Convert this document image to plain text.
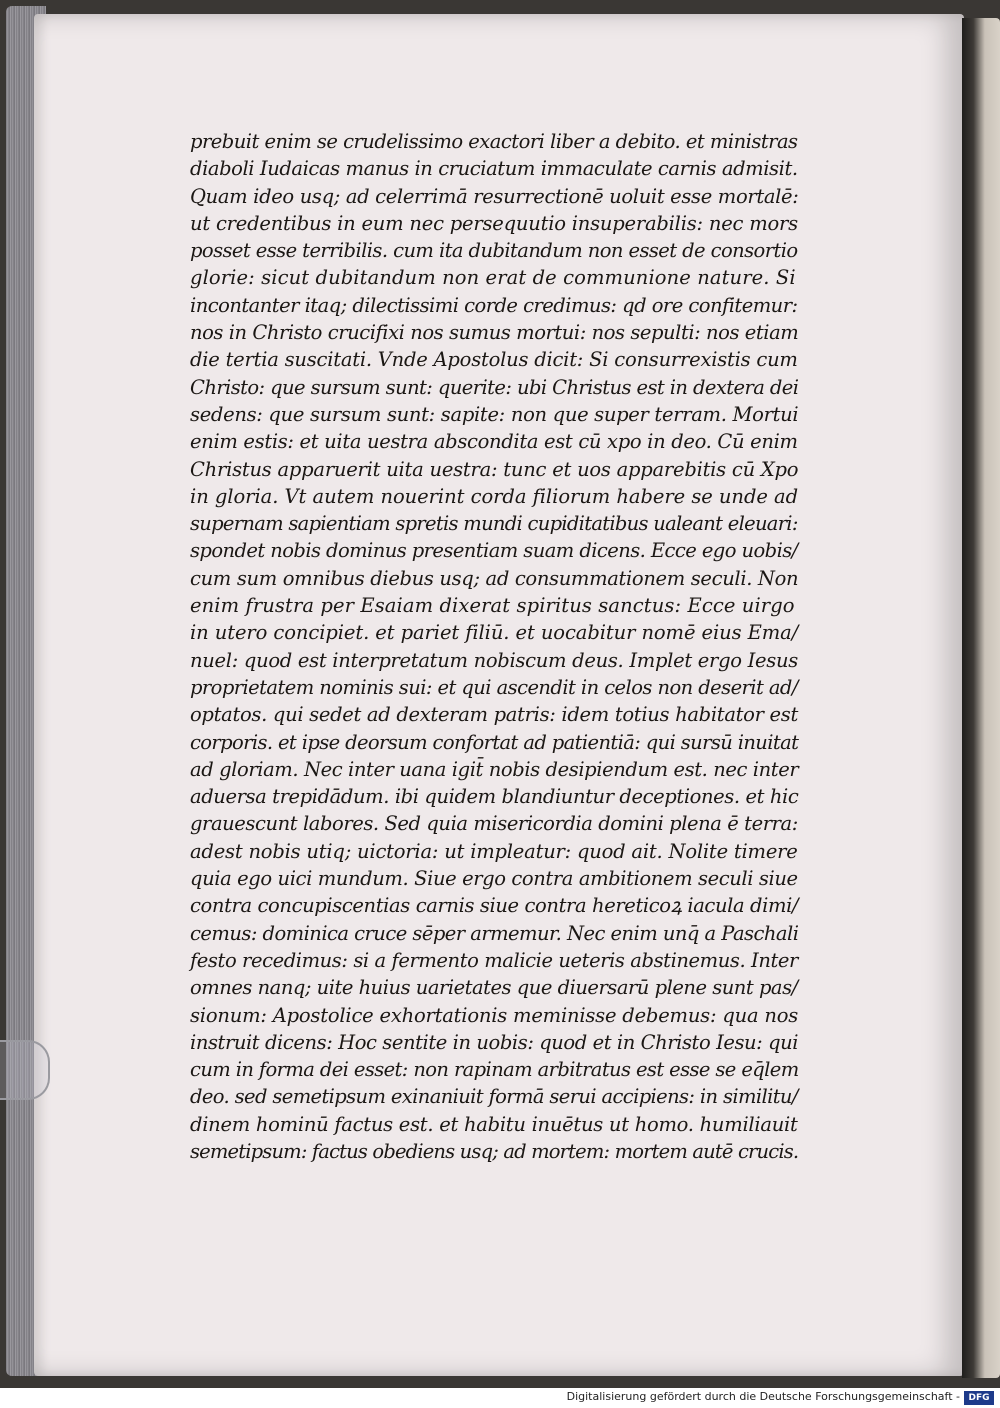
prebuit enim se crudelissimo exactori liber a debito. et ministras
diaboli Iudaicas manus in cruciatum immaculate carnis admisit.
Quam ideo usq; ad celerrimā resurrectionē uoluit esse mortalē:
ut credentibus in eum nec persequutio insuperabilis: nec mors
posset esse terribilis. cum ita dubitandum non esset de consortio
glorie: sicut dubitandum non erat de communione nature. Si
incontanter itaq; dilectissimi corde credimus: qd ore confitemur:
nos in Christo crucifixi nos sumus mortui: nos sepulti: nos etiam
die tertia suscitati. Vnde Apostolus dicit: Si consurrexistis cum
Christo: que sursum sunt: querite: ubi Christus est in dextera dei
sedens: que sursum sunt: sapite: non que super terram. Mortui
enim estis: et uita uestra abscondita est cū xpo in deo. Cū enim
Christus apparuerit uita uestra: tunc et uos apparebitis cū Xpo
in gloria. Vt autem nouerint corda filiorum habere se unde ad
supernam sapientiam spretis mundi cupiditatibus ualeant eleuari:
spondet nobis dominus presentiam suam dicens. Ecce ego uobis/
cum sum omnibus diebus usq; ad consummationem seculi. Non
enim frustra per Esaiam dixerat spiritus sanctus: Ecce uirgo
in utero concipiet. et pariet filiū. et uocabitur nomē eius Ema/
nuel: quod est interpretatum nobiscum deus. Implet ergo Iesus
proprietatem nominis sui: et qui ascendit in celos non deserit ad/
optatos. qui sedet ad dexteram patris: idem totius habitator est
corporis. et ipse deorsum confortat ad patientiā: qui sursū inuitat
ad gloriam. Nec inter uana igit̄ nobis desipiendum est. nec inter
aduersa trepidādum. ibi quidem blandiuntur deceptiones. et hic
grauescunt labores. Sed quia misericordia domini plena ē terra:
adest nobis utiq; uictoria: ut impleatur: quod ait. Nolite timere
quia ego uici mundum. Siue ergo contra ambitionem seculi siue
contra concupiscentias carnis siue contra hereticoꝝ iacula dimi/
cemus: dominica cruce sēper armemur. Nec enim unq̄ a Paschali
festo recedimus: si a fermento malicie ueteris abstinemus. Inter
omnes nanq; uite huius uarietates que diuersarū plene sunt pas/
sionum: Apostolice exhortationis meminisse debemus: qua nos
instruit dicens: Hoc sentite in uobis: quod et in Christo Iesu: qui
cum in forma dei esset: non rapinam arbitratus est esse se eq̄lem
deo. sed semetipsum exinaniuit formā serui accipiens: in similitu/
dinem hominū factus est. et habitu inuētus ut homo. humiliauit
semetipsum: factus obediens usq; ad mortem: mortem autē crucis.
Digitalisierung gefördert durch die Deutsche Forschungsgemeinschaft - DFG
